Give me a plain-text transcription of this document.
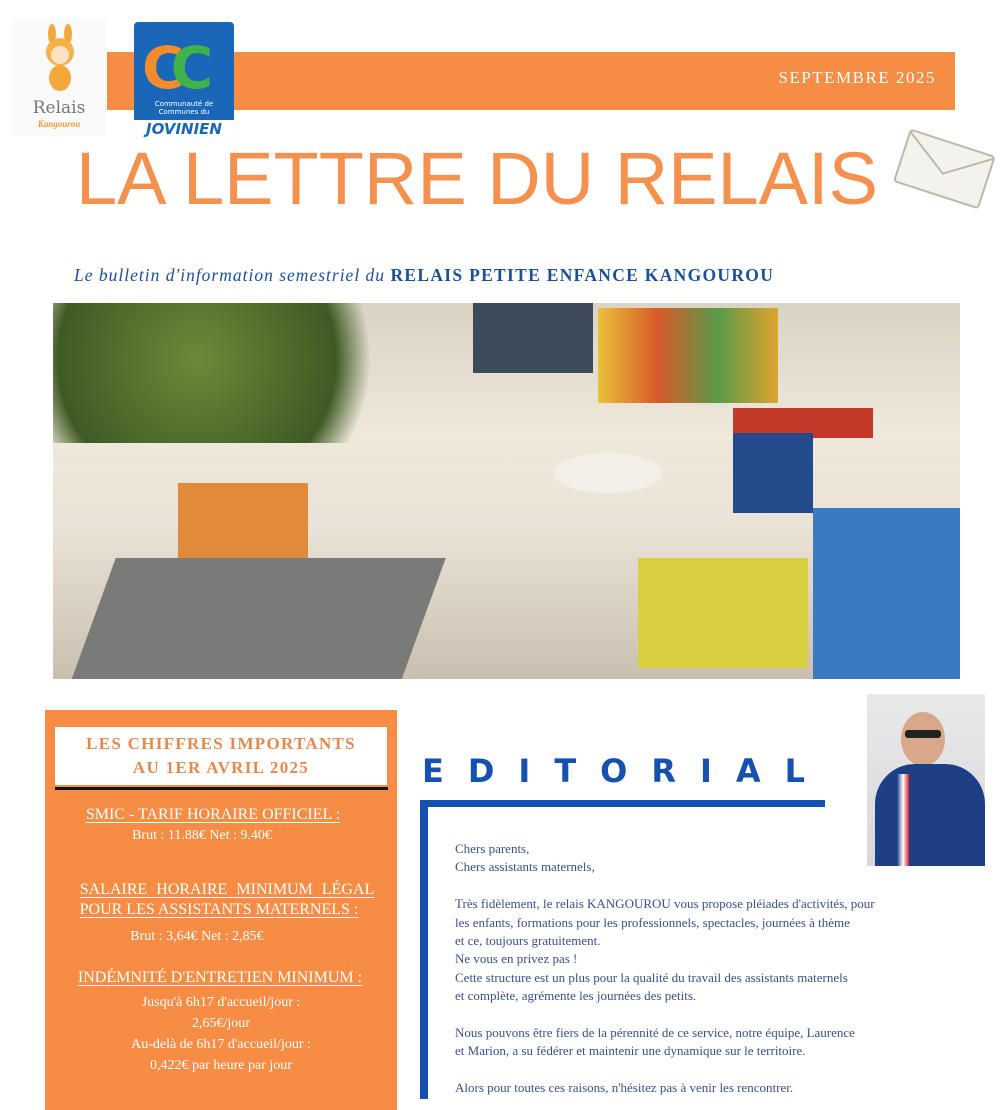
Relais
Kangourou
SEPTEMBRE 2025
CC
Communauté de Communes du
JOVINIEN
LA LETTRE DU RELAIS
Le bulletin d'information semestriel du RELAIS PETITE ENFANCE KANGOUROU
LES CHIFFRES IMPORTANTS
AU 1ER AVRIL 2025
SMIC - TARIF HORAIRE OFFICIEL :
Brut : 11.88€ Net : 9.40€
SALAIRE HORAIRE MINIMUM LÉGAL
POUR LES ASSISTANTS MATERNELS :
Brut : 3,64€ Net : 2,85€
INDÉMNITÉ D'ENTRETIEN MINIMUM :
Jusqu'à 6h17 d'accueil/jour :
2,65€/jour
Au-delà de 6h17 d'accueil/jour :
0,422€ par heure par jour
EDITORIAL

Chers parents,

Chers assistants maternels,

Très fidèlement, le relais KANGOUROU vous propose pléiades d'activités, pour

les enfants, formations pour les professionnels, spectacles, journées à thème

et ce, toujours gratuitement.

Ne vous en privez pas !

Cette structure est un plus pour la qualité du travail des assistants maternels

et complète, agrémente les journées des petits.

Nous pouvons être fiers de la pérennité de ce service, notre équipe, Laurence

et Marion, a su fédérer et maintenir une dynamique sur le territoire.

Alors pour toutes ces raisons, n'hésitez pas à venir les rencontrer.
